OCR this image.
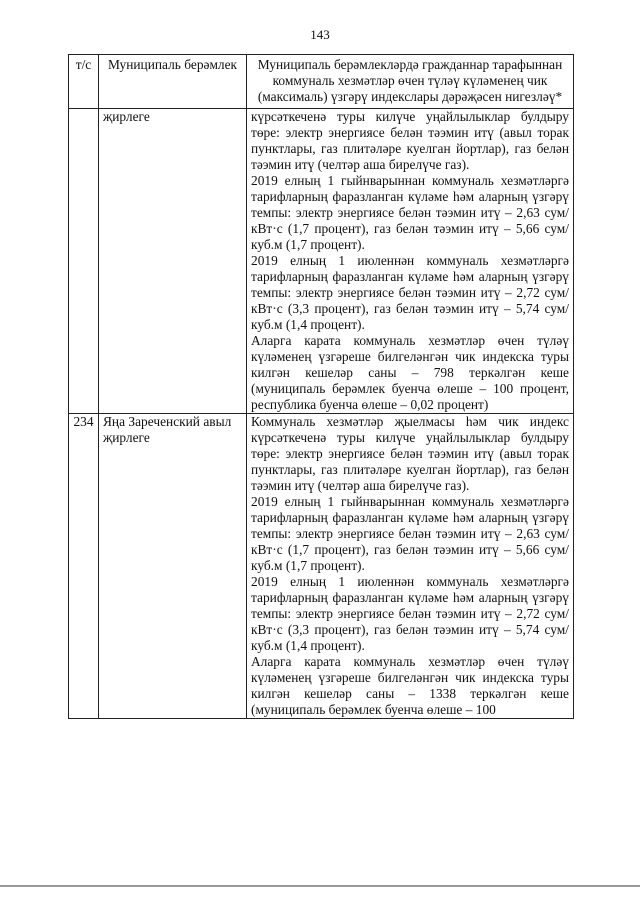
143
т/с	Муниципаль берәмлек	Муниципаль берәмлекләрдә гражданнар тарафыннан коммуналь хезмәтләр өчен түләү күләменең чик (максималь) үзгәрү индекслары дәрәҗәсен нигезләү*
	җирлеге	күрсәткеченә туры килүче уңайлылыклар булдыру төре: электр энергиясе белән тәэмин итү (авыл торак пунктлары, газ плитәләре куелган йортлар), газ белән тәэмин итү (челтәр аша бирелүче газ).

2019 елның 1 гыйнварыннан коммуналь хезмәтләргә тарифларның фаразланган күләме һәм аларның үзгәрү темпы: электр энергиясе белән тәэмин итү – 2,63 сум/кВт·с (1,7 процент), газ белән тәэмин итү – 5,66 сум/куб.м (1,7 процент).

2019 елның 1 июленнән коммуналь хезмәтләргә тарифларның фаразланган күләме һәм аларның үзгәрү темпы: электр энергиясе белән тәэмин итү – 2,72 сум/кВт·с (3,3 процент), газ белән тәэмин итү – 5,74 сум/куб.м (1,4 процент).

Аларга карата коммуналь хезмәтләр өчен түләү күләменең үзгәреше билгеләнгән чик индекска туры килгән кешеләр саны – 798 теркәлгән кеше (муниципаль берәмлек буенча өлеше – 100 процент, республика буенча өлеше – 0,02 процент)

234	Яңа Зареченский авыл җирлеге	Коммуналь хезмәтләр җыелмасы һәм чик индекс күрсәткеченә туры килүче уңайлылыклар булдыру төре: электр энергиясе белән тәэмин итү (авыл торак пунктлары, газ плитәләре куелган йортлар), газ белән тәэмин итү (челтәр аша бирелүче газ).

2019 елның 1 гыйнварыннан коммуналь хезмәтләргә тарифларның фаразланган күләме һәм аларның үзгәрү темпы: электр энергиясе белән тәэмин итү – 2,63 сум/кВт·с (1,7 процент), газ белән тәэмин итү – 5,66 сум/куб.м (1,7 процент).

2019 елның 1 июленнән коммуналь хезмәтләргә тарифларның фаразланган күләме һәм аларның үзгәрү темпы: электр энергиясе белән тәэмин итү – 2,72 сум/кВт·с (3,3 процент), газ белән тәэмин итү – 5,74 сум/куб.м (1,4 процент).

Аларга карата коммуналь хезмәтләр өчен түләү күләменең үзгәреше билгеләнгән чик индекска туры килгән кешеләр саны – 1338 теркәлгән кеше (муниципаль берәмлек буенча өлеше – 100
